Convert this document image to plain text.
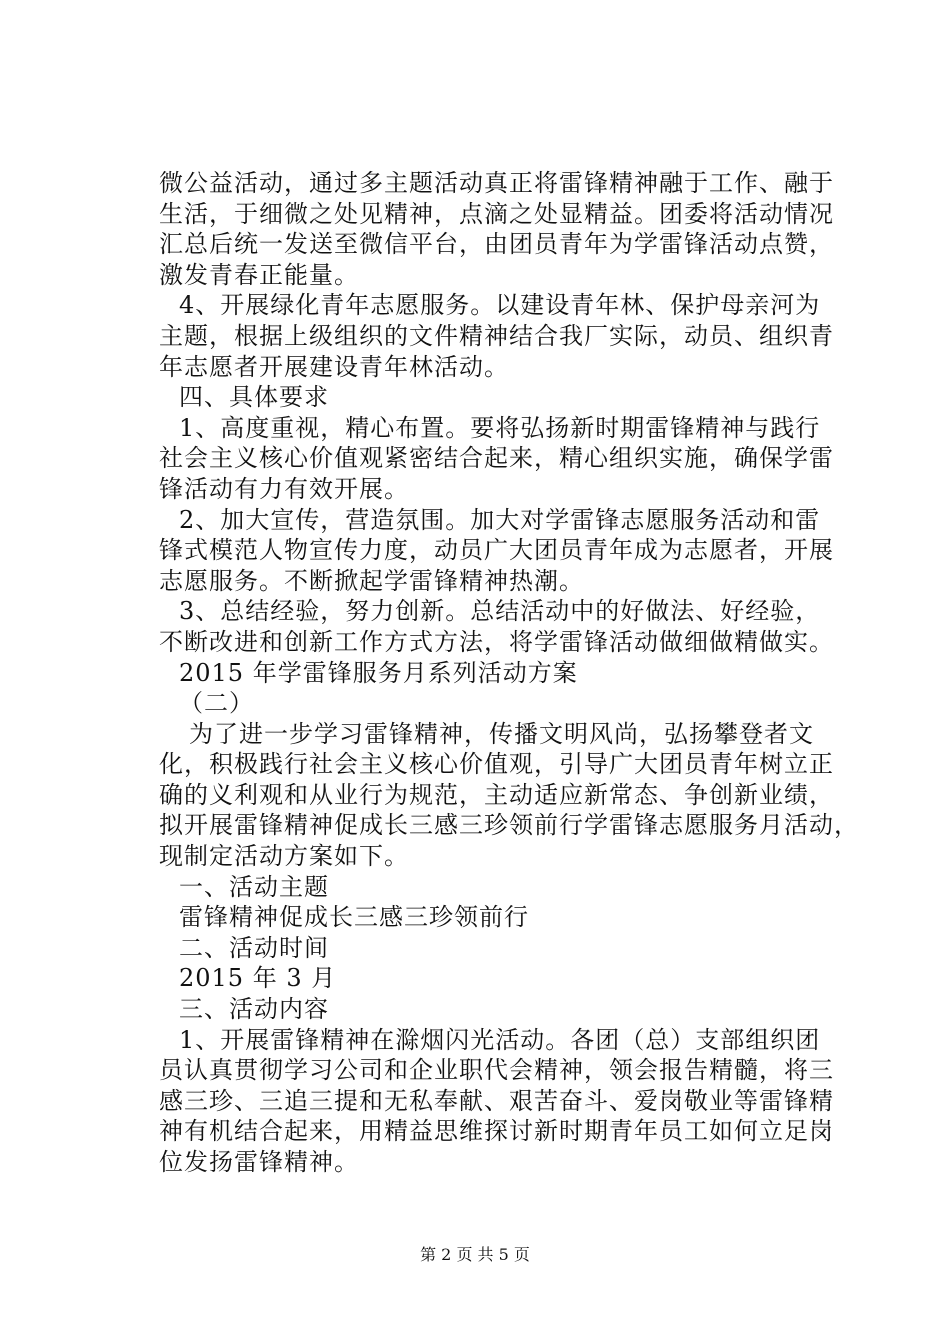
微公益活动，通过多主题活动真正将雷锋精神融于工作、融于
生活，于细微之处见精神，点滴之处显精益。团委将活动情况
汇总后统一发送至微信平台，由团员青年为学雷锋活动点赞，
激发青春正能量。
4、开展绿化青年志愿服务。以建设青年林、保护母亲河为
主题，根据上级组织的文件精神结合我厂实际，动员、组织青
年志愿者开展建设青年林活动。
四、具体要求
1、高度重视，精心布置。要将弘扬新时期雷锋精神与践行
社会主义核心价值观紧密结合起来，精心组织实施，确保学雷
锋活动有力有效开展。
2、加大宣传，营造氛围。加大对学雷锋志愿服务活动和雷
锋式模范人物宣传力度，动员广大团员青年成为志愿者，开展
志愿服务。不断掀起学雷锋精神热潮。
3、总结经验，努力创新。总结活动中的好做法、好经验，
不断改进和创新工作方式方法，将学雷锋活动做细做精做实。
2015 年学雷锋服务月系列活动方案
（二）
为了进一步学习雷锋精神，传播文明风尚，弘扬攀登者文
化，积极践行社会主义核心价值观，引导广大团员青年树立正
确的义利观和从业行为规范，主动适应新常态、争创新业绩，
拟开展雷锋精神促成长三感三珍领前行学雷锋志愿服务月活动，
现制定活动方案如下。
一、活动主题
雷锋精神促成长三感三珍领前行
二、活动时间
2015 年 3 月
三、活动内容
1、开展雷锋精神在滁烟闪光活动。各团（总）支部组织团
员认真贯彻学习公司和企业职代会精神，领会报告精髓，将三
感三珍、三追三提和无私奉献、艰苦奋斗、爱岗敬业等雷锋精
神有机结合起来，用精益思维探讨新时期青年员工如何立足岗
位发扬雷锋精神。
第 2 页 共 5 页
